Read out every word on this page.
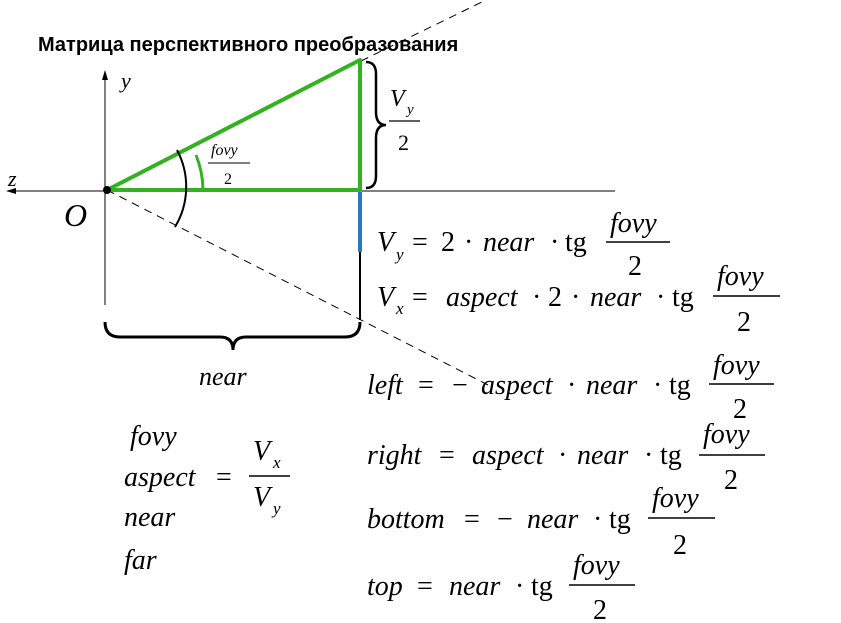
Матрица перспективного преобразования
y
z
O
fovy
2
V y
2
near
V y = 2 · near · tg
fovy
2
V x = aspect · 2 · near · tg
fovy
2
left = − aspect · near · tg
fovy
2
right = aspect · near · tg
fovy
2
bottom = − near · tg
fovy
2
top = near · tg
fovy
2
fovy
aspect =
V x
V y
near
far
